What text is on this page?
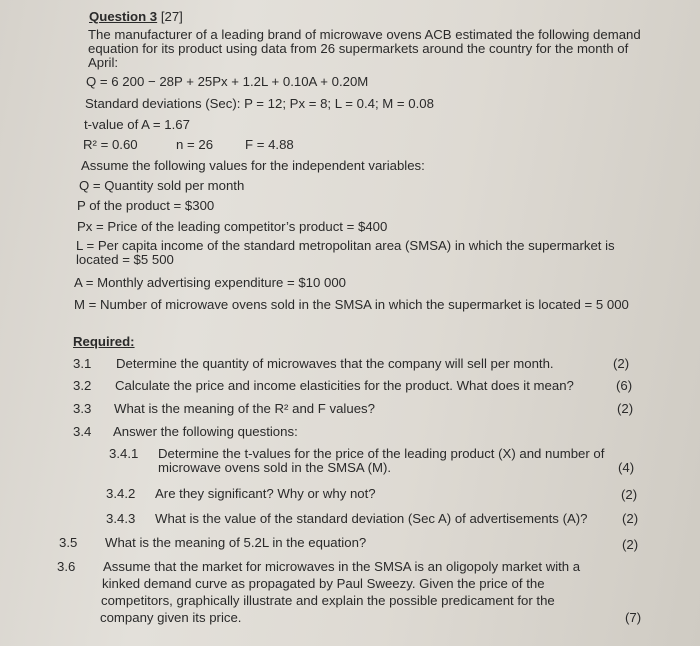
Question 3 [27]
The manufacturer of a leading brand of microwave ovens ACB estimated the following demand
equation for its product using data from 26 supermarkets around the country for the month of
April:
Q = 6 200 − 28P + 25Px + 1.2L + 0.10A + 0.20M
Standard deviations (Sec): P = 12; Px = 8; L = 0.4; M = 0.08
t-value of A = 1.67
R² = 0.60	n = 26 F = 4.88
Assume the following values for the independent variables:
Q = Quantity sold per month
P of the product = $300
Px = Price of the leading competitor’s product = $400
L = Per capita income of the standard metropolitan area (SMSA) in which the supermarket is
located = $5 500
A = Monthly advertising expenditure = $10 000
M = Number of microwave ovens sold in the SMSA in which the supermarket is located = 5 000
Required:
3.1 Determine the quantity of microwaves that the company will sell per month.	(2)
3.2 Calculate the price and income elasticities for the product. What does it mean?	(6)
3.3 What is the meaning of the R² and F values?	(2)
3.4 Answer the following questions:
3.4.1 Determine the t-values for the price of the leading product (X) and number of
microwave ovens sold in the SMSA (M).	(4)
3.4.2 Are they significant? Why or why not?	(2)
3.4.3 What is the value of the standard deviation (Sec A) of advertisements (A)?	(2)
3.5 What is the meaning of 5.2L in the equation?	(2)
3.6 Assume that the market for microwaves in the SMSA is an oligopoly market with a
kinked demand curve as propagated by Paul Sweezy. Given the price of the
competitors, graphically illustrate and explain the possible predicament for the
company given its price.	(7)
